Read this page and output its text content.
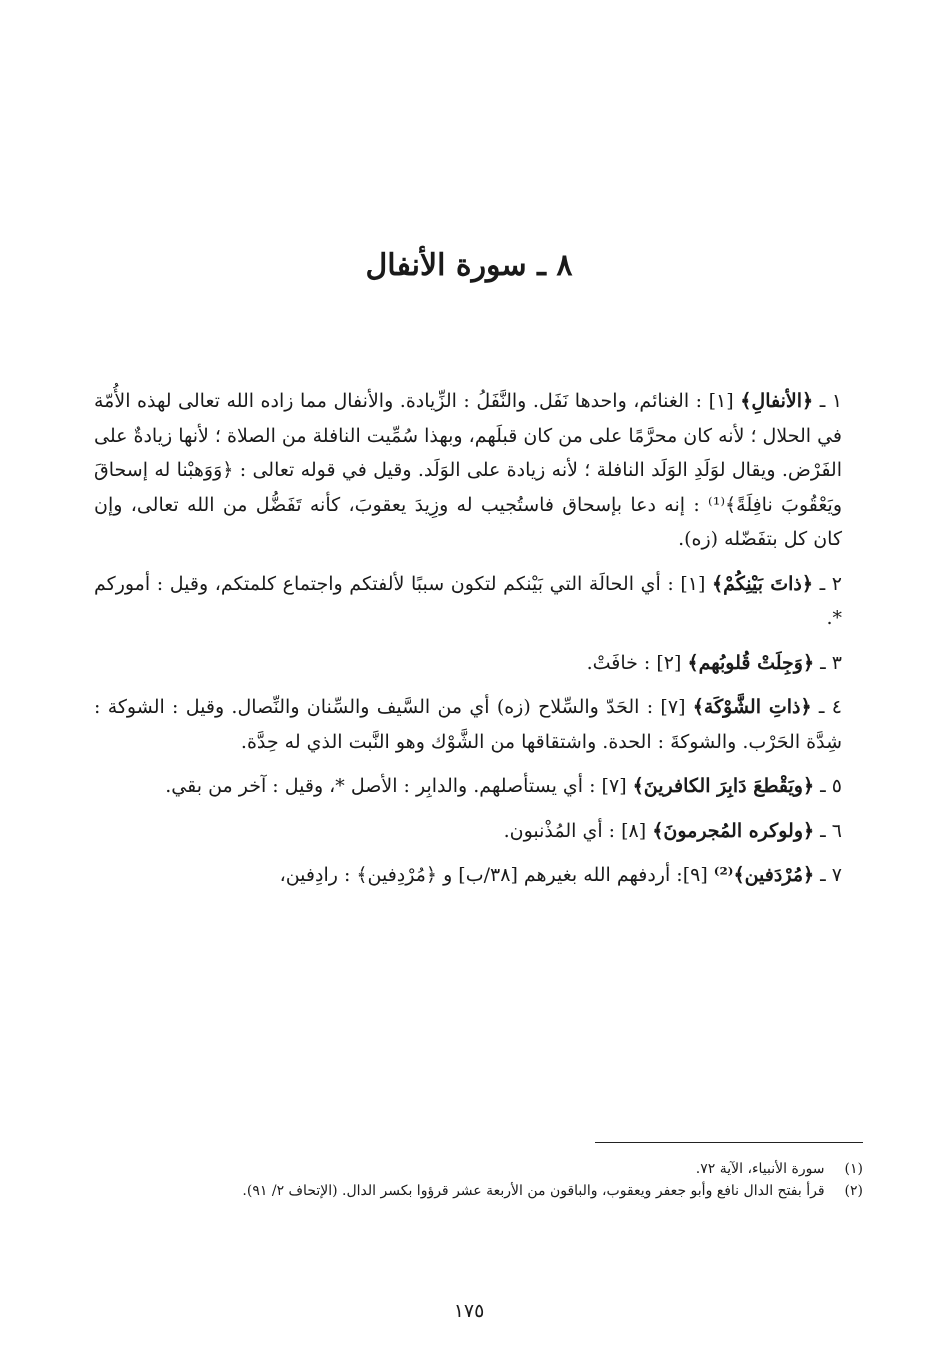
٨ ـ سورة الأنفال

١ ـ ﴿الأنفالِ﴾ [١] : الغنائم، واحدها نَفَل. والنَّفَلُ : الزِّيادة. والأنفال مما زاده الله تعالى لهذه الأُمّة في الحلال ؛ لأنه كان محرَّمًا على من كان قبلَهم، وبهذا سُمِّيت النافلة من الصلاة ؛ لأنها زيادةٌ على الفَرْض. ويقال لوَلَدِ الوَلَد النافلة ؛ لأنه زيادة على الوَلَد. وقيل في قوله تعالى : ﴿وَوَهبْنا له إسحاقَ ويَعْقُوبَ نافِلَةً﴾⁽¹⁾ : إنه دعا بإسحاق فاستُجيب له وزِيدَ يعقوبَ، كأنه تَفَضُّل من الله تعالى، وإن كان كل بتفَضّله (زه).

٢ ـ ﴿ذاتَ بَيْنِكُمْ﴾ [١] : أي الحالَة التي بَيْنكم لتكون سببًا لألفتكم واجتماع كلمتكم، وقيل : أموركم *.

٣ ـ ﴿وَجِلَتْ قُلوبُهم﴾ [٢] : خافَتْ.

٤ ـ ﴿ذاتِ الشَّوْكَة﴾ [٧] : الحَدّ والسِّلاح (زه) أي من السَّيف والسِّنان والنِّصال. وقيل : الشوكة : شِدَّة الحَرْب. والشوكةَ : الحدة. واشتقاقها من الشَّوْك وهو النَّبت الذي له حِدَّة.

٥ ـ ﴿ويَقْطعَ دَابِرَ الكافرينَ﴾ [٧] : أي يستأصلهم. والدابِر : الأصل *، وقيل : آخر من بقي.

٦ ـ ﴿ولوكره المُجرمونَ﴾ [٨] : أي المُذْنبون.

٧ ـ ﴿مُرْدَفين﴾⁽²⁾ [٩]: أردفهم الله بغيرهم [٣٨/ب] و ﴿مُرْدِفين﴾ : رادِفين،

(١) سورة الأنبياء، الآية ٧٢.
(٢) قرأ بفتح الدال نافع وأبو جعفر ويعقوب، والباقون من الأربعة عشر قرؤوا بكسر الدال. (الإتحاف ٢/ ٩١).
١٧٥
